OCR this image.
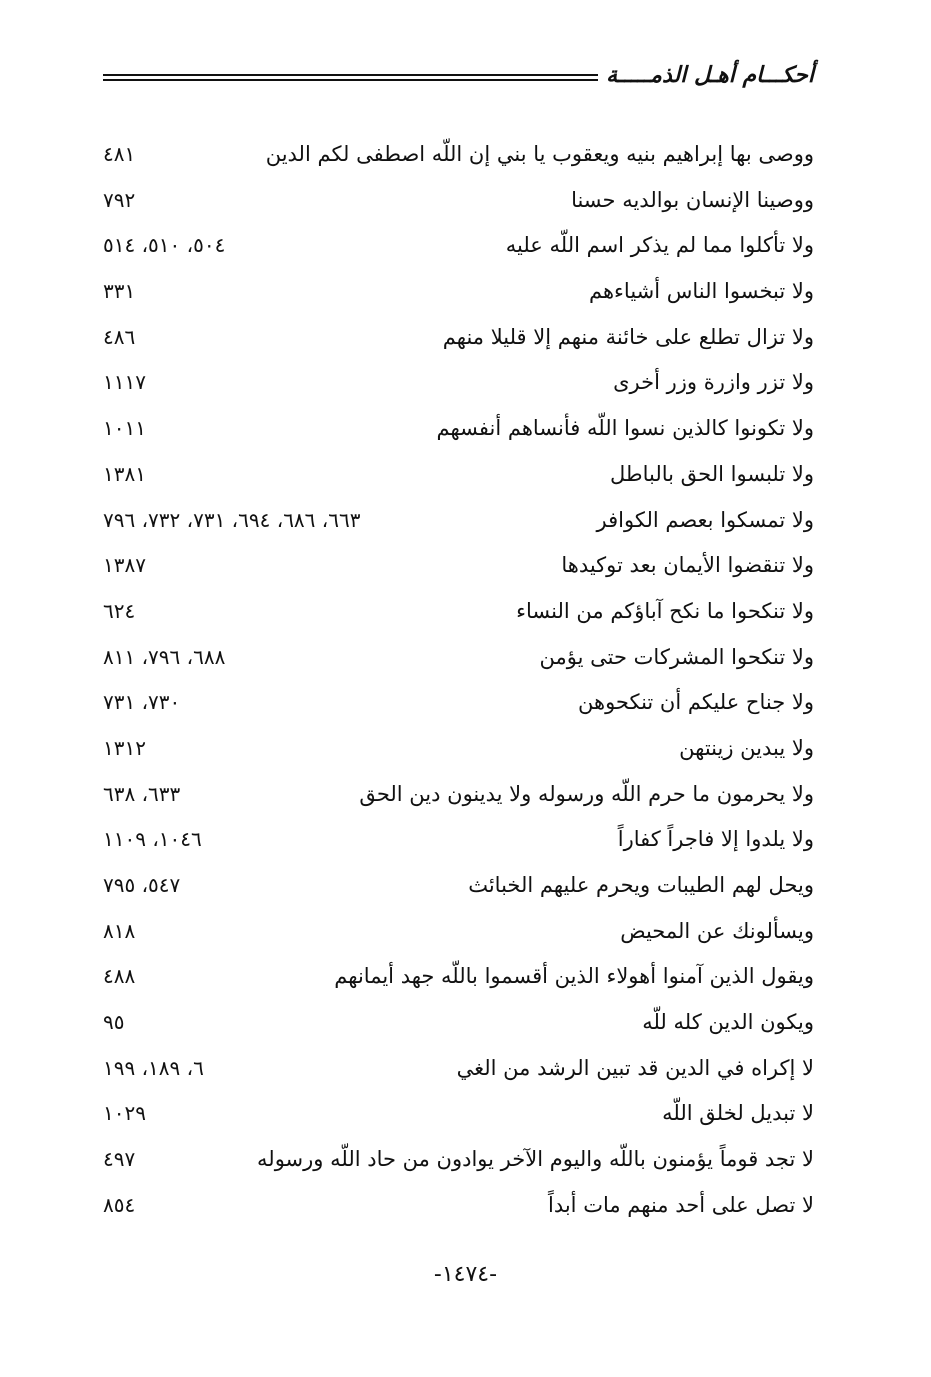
أحكـــام أهـل الذمـــــة
ووصى بها إبراهيم بنيه ويعقوب يا بني إن اللّه اصطفى لكم الدين
٤٨١
ووصينا الإنسان بوالديه حسنا
٧٩٢
ولا تأكلوا مما لم يذكر اسم اللّه عليه
٥٠٤، ٥١٠، ٥١٤
ولا تبخسوا الناس أشياءهم
٣٣١
ولا تزال تطلع على خائنة منهم إلا قليلا منهم
٤٨٦
ولا تزر وازرة وزر أخرى
١١١٧
ولا تكونوا كالذين نسوا اللّه فأنساهم أنفسهم
١٠١١
ولا تلبسوا الحق بالباطل
١٣٨١
ولا تمسكوا بعصم الكوافر
٦٦٣، ٦٨٦، ٦٩٤، ٧٣١، ٧٣٢، ٧٩٦
ولا تنقضوا الأيمان بعد توكيدها
١٣٨٧
ولا تنكحوا ما نكح آباؤكم من النساء
٦٢٤
ولا تنكحوا المشركات حتى يؤمن
٦٨٨، ٧٩٦، ٨١١
ولا جناح عليكم أن تنكحوهن
٧٣٠، ٧٣١
ولا يبدين زينتهن
١٣١٢
ولا يحرمون ما حرم اللّه ورسوله ولا يدينون دين الحق
٦٣٣، ٦٣٨
ولا يلدوا إلا فاجراً كفاراً
١٠٤٦، ١١٠٩
ويحل لهم الطيبات ويحرم عليهم الخبائث
٥٤٧، ٧٩٥
ويسألونك عن المحيض
٨١٨
ويقول الذين آمنوا أهولاء الذين أقسموا باللّه جهد أيمانهم
٤٨٨
ويكون الدين كله للّه
٩٥
لا إكراه في الدين قد تبين الرشد من الغي
٦، ١٨٩، ١٩٩
لا تبديل لخلق اللّه
١٠٢٩
لا تجد قوماً يؤمنون باللّه واليوم الآخر يوادون من حاد اللّه ورسوله
٤٩٧
لا تصل على أحد منهم مات أبداً
٨٥٤
-١٤٧٤-
